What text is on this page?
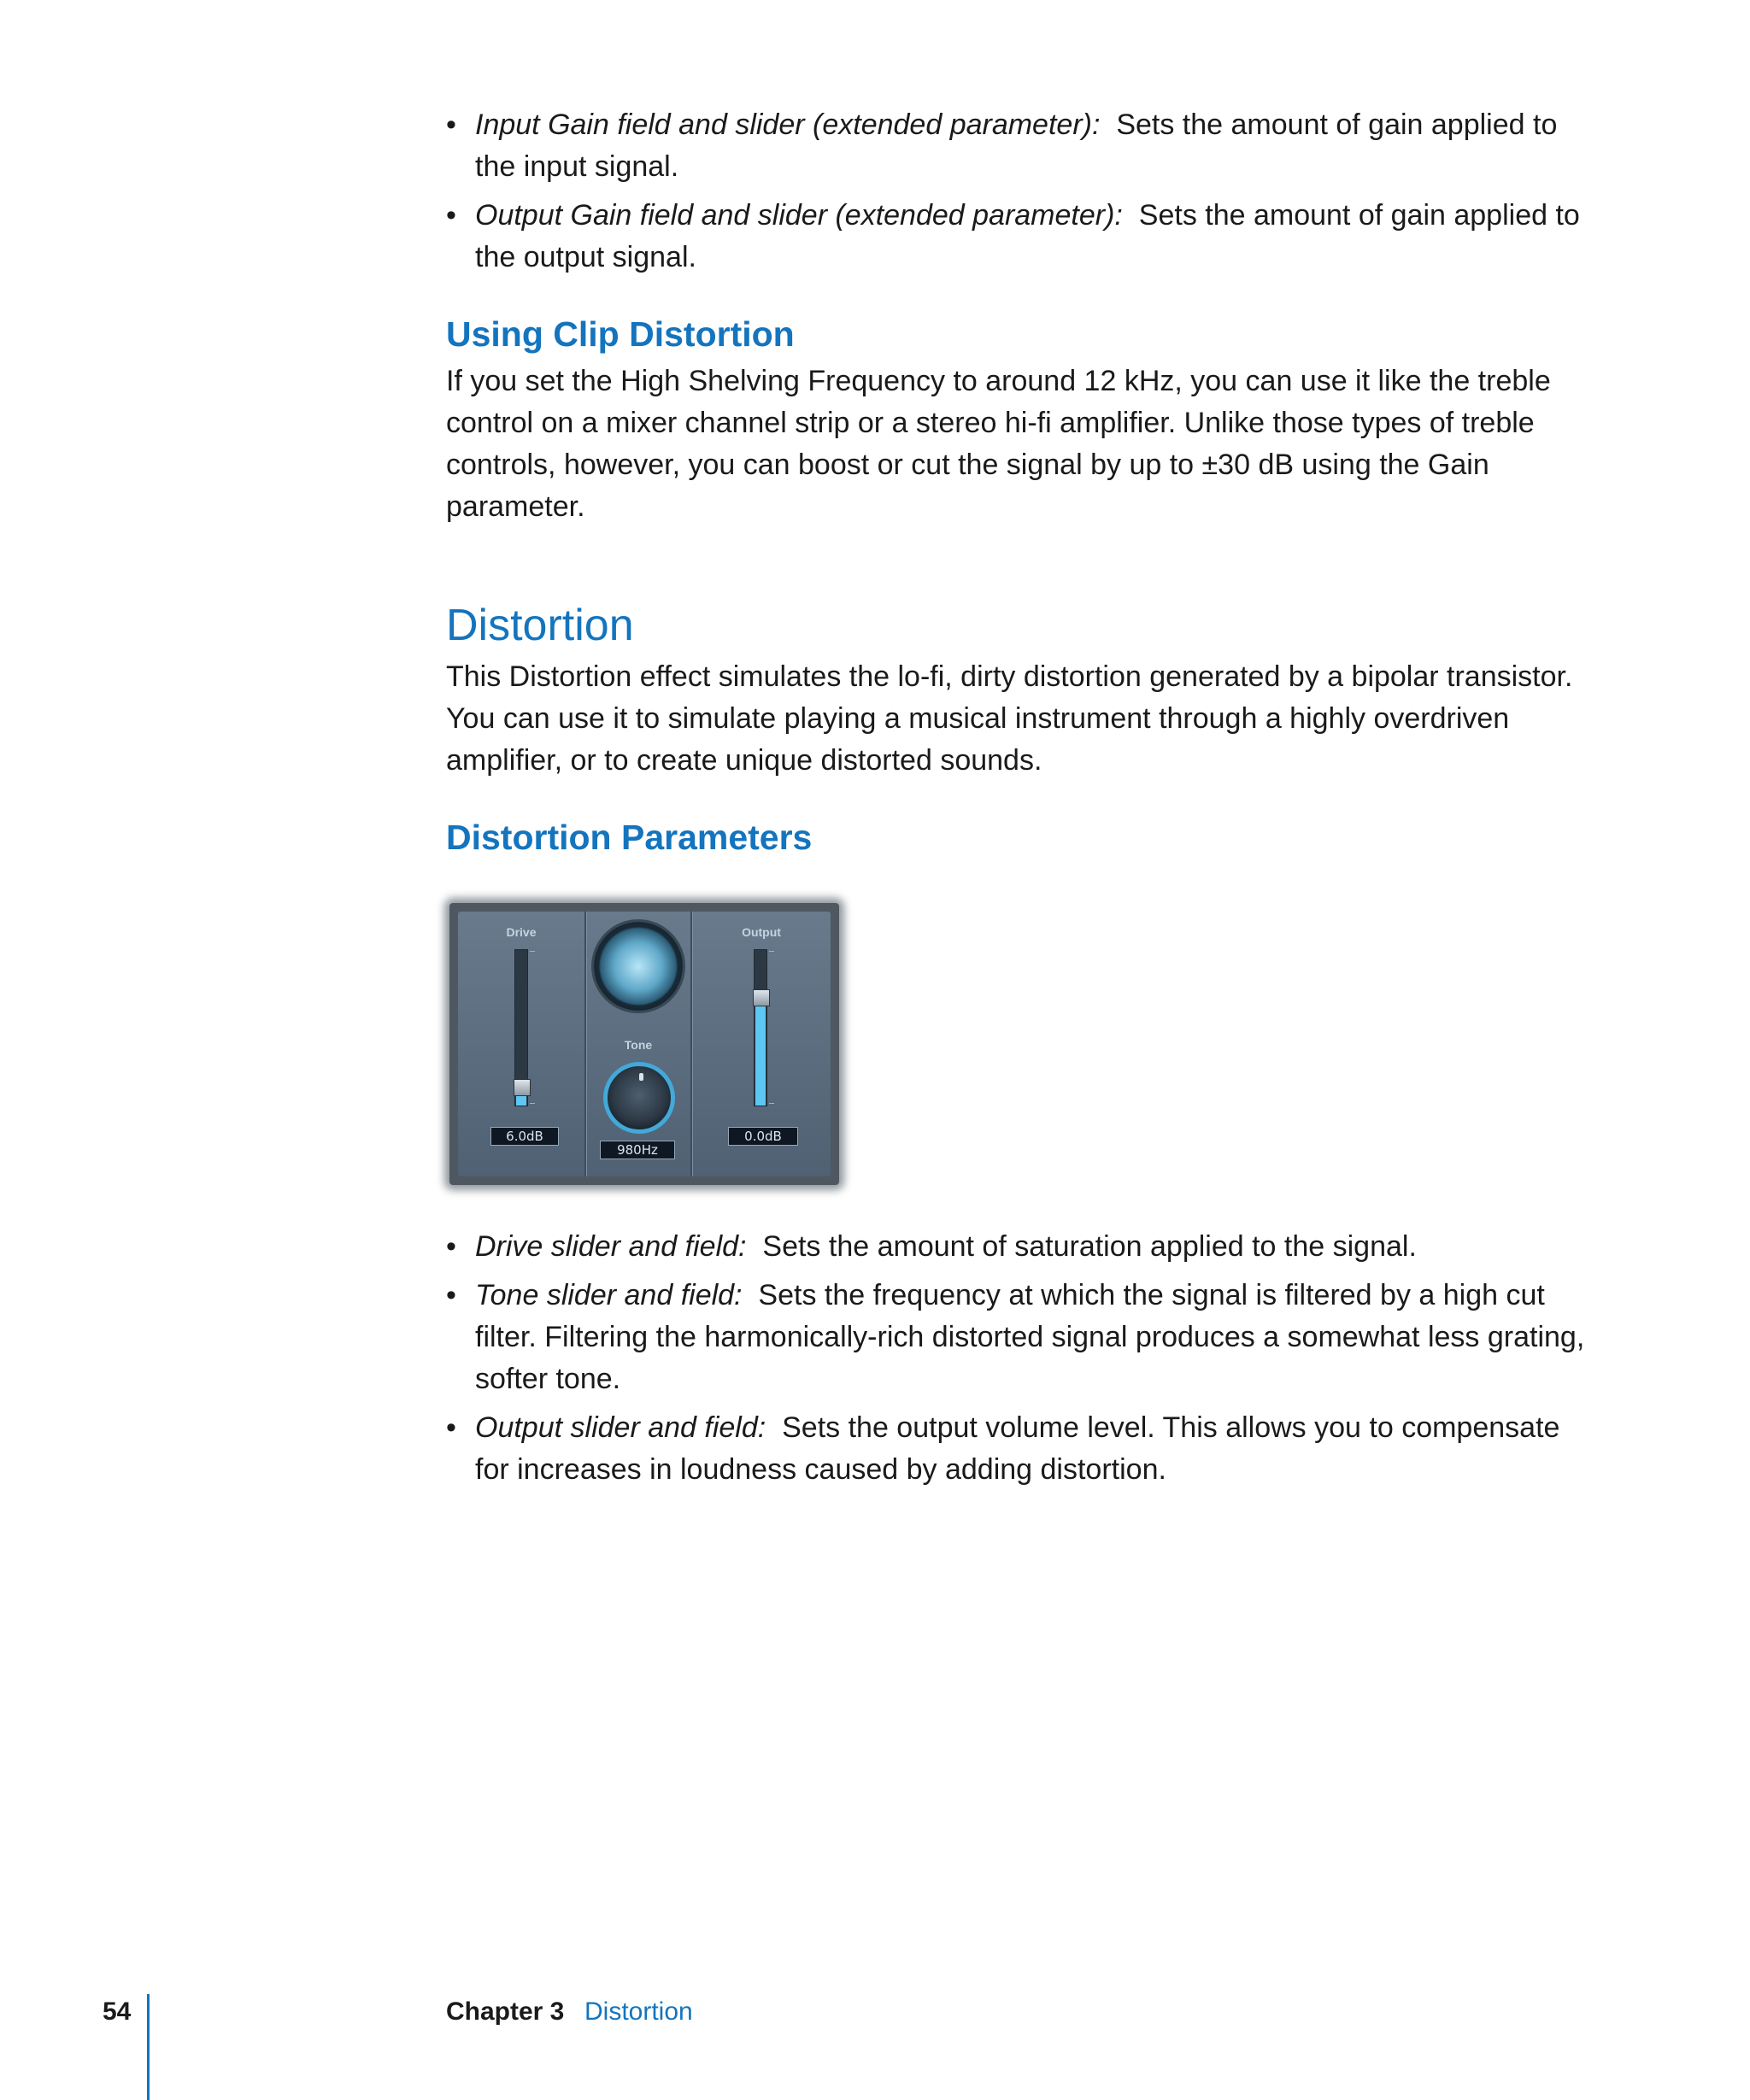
• Input Gain field and slider (extended parameter): Sets the amount of gain applied to the input signal.
• Output Gain field and slider (extended parameter): Sets the amount of gain applied to the output signal.
Using Clip Distortion

If you set the High Shelving Frequency to around 12 kHz, you can use it like the treble control on a mixer channel strip or a stereo hi-fi amplifier. Unlike those types of treble controls, however, you can boost or cut the signal by up to ±30 dB using the Gain parameter.

Distortion

This Distortion effect simulates the lo-fi, dirty distortion generated by a bipolar transistor. You can use it to simulate playing a musical instrument through a highly overdriven amplifier, or to create unique distorted sounds.

Distortion Parameters
Drive
6.0dB
Tone
980Hz
Output
0.0dB
• Drive slider and field: Sets the amount of saturation applied to the signal.
• Tone slider and field: Sets the frequency at which the signal is filtered by a high cut filter. Filtering the harmonically-rich distorted signal produces a somewhat less grating, softer tone.
• Output slider and field: Sets the output volume level. This allows you to compensate for increases in loudness caused by adding distortion.
54	Chapter 3 Distortion
